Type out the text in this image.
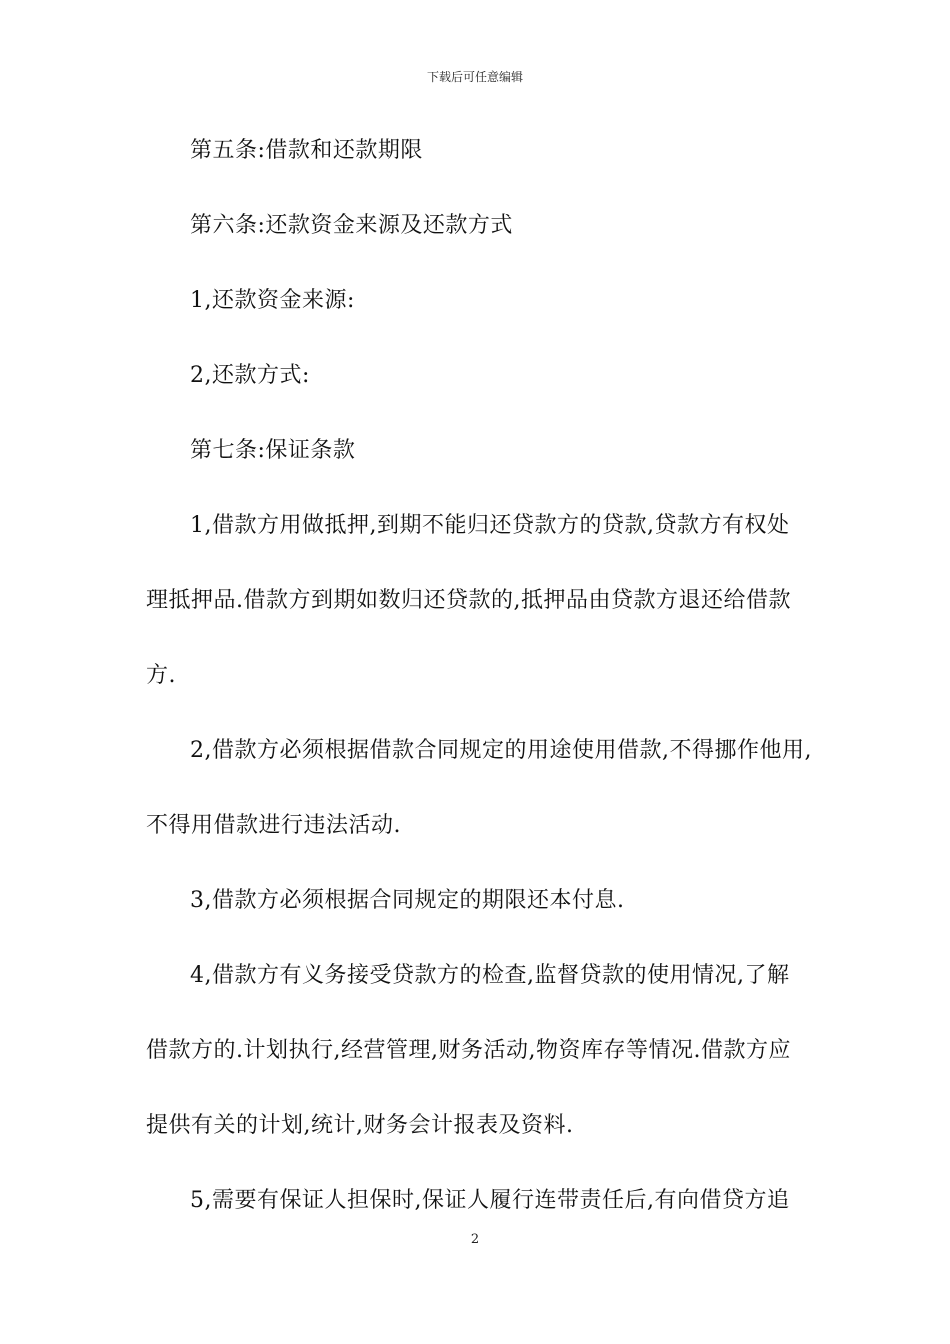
下载后可任意编辑
第五条:借款和还款期限
第六条:还款资金来源及还款方式
1,还款资金来源:
2,还款方式:
第七条:保证条款
1,借款方用做抵押,到期不能归还贷款方的贷款,贷款方有权处
理抵押品.借款方到期如数归还贷款的,抵押品由贷款方退还给借款
方.
2,借款方必须根据借款合同规定的用途使用借款,不得挪作他用,
不得用借款进行违法活动.
3,借款方必须根据合同规定的期限还本付息.
4,借款方有义务接受贷款方的检查,监督贷款的使用情况,了解
借款方的.计划执行,经营管理,财务活动,物资库存等情况.借款方应
提供有关的计划,统计,财务会计报表及资料.
5,需要有保证人担保时,保证人履行连带责任后,有向借贷方追
2
